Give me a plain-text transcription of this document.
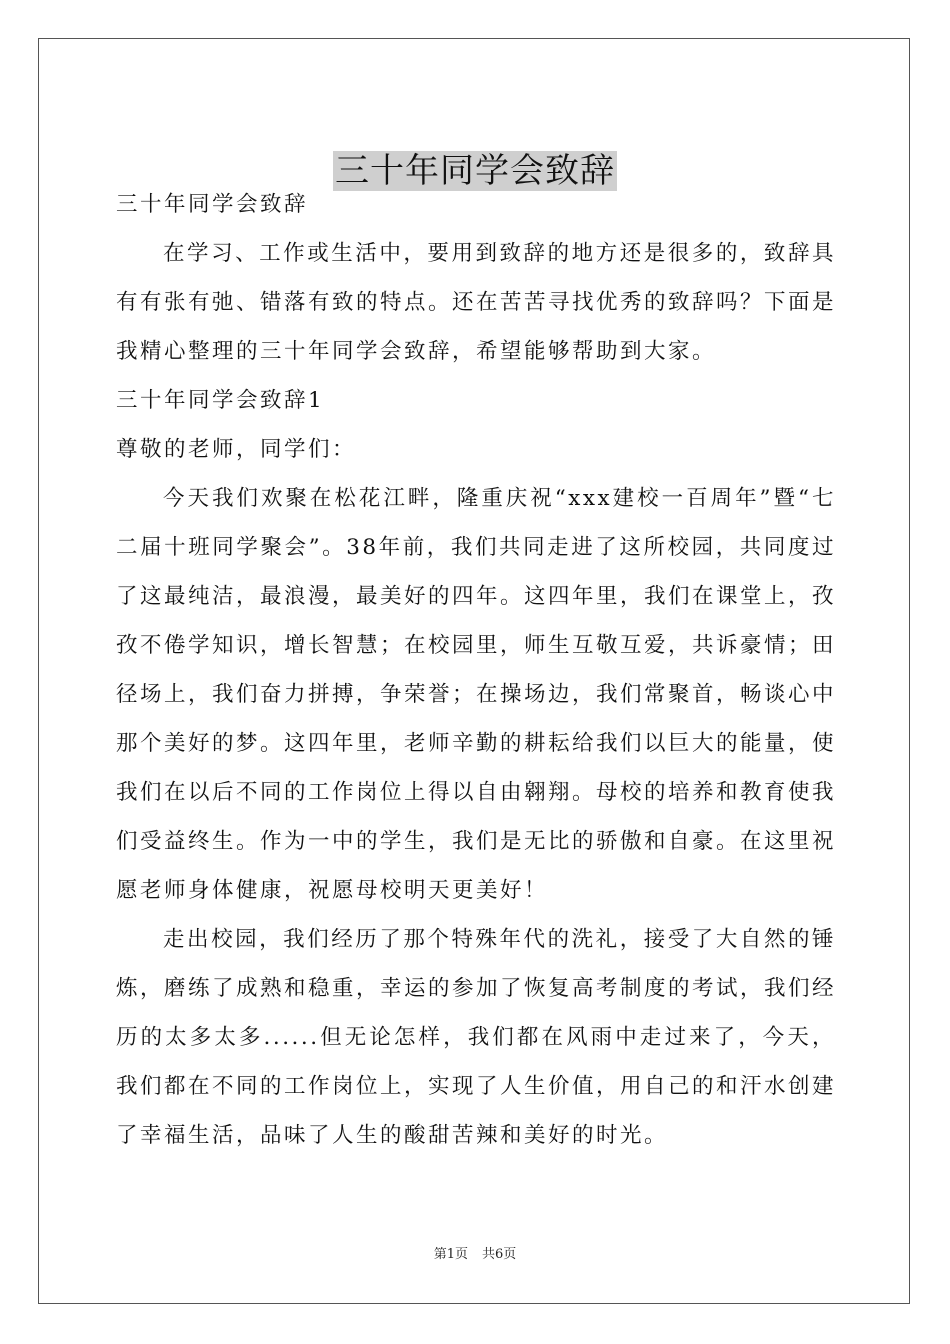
三十年同学会致辞

三十年同学会致辞

在学习、工作或生活中，要用到致辞的地方还是很多的，致辞具有有张有弛、错落有致的特点。还在苦苦寻找优秀的致辞吗？下面是我精心整理的三十年同学会致辞，希望能够帮助到大家。

三十年同学会致辞1

尊敬的老师，同学们：

今天我们欢聚在松花江畔，隆重庆祝“xxx建校一百周年”暨“七二届十班同学聚会”。38年前，我们共同走进了这所校园，共同度过了这最纯洁，最浪漫，最美好的四年。这四年里，我们在课堂上，孜孜不倦学知识，增长智慧；在校园里，师生互敬互爱，共诉豪情；田径场上，我们奋力拼搏，争荣誉；在操场边，我们常聚首，畅谈心中那个美好的梦。这四年里，老师辛勤的耕耘给我们以巨大的能量，使我们在以后不同的工作岗位上得以自由翱翔。母校的培养和教育使我们受益终生。作为一中的学生，我们是无比的骄傲和自豪。在这里祝愿老师身体健康，祝愿母校明天更美好！

走出校园，我们经历了那个特殊年代的洗礼，接受了大自然的锤炼，磨练了成熟和稳重，幸运的参加了恢复高考制度的考试，我们经历的太多太多......但无论怎样，我们都在风雨中走过来了，今天，我们都在不同的工作岗位上，实现了人生价值，用自己的和汗水创建了幸福生活，品味了人生的酸甜苦辣和美好的时光。

第1页 共6页
